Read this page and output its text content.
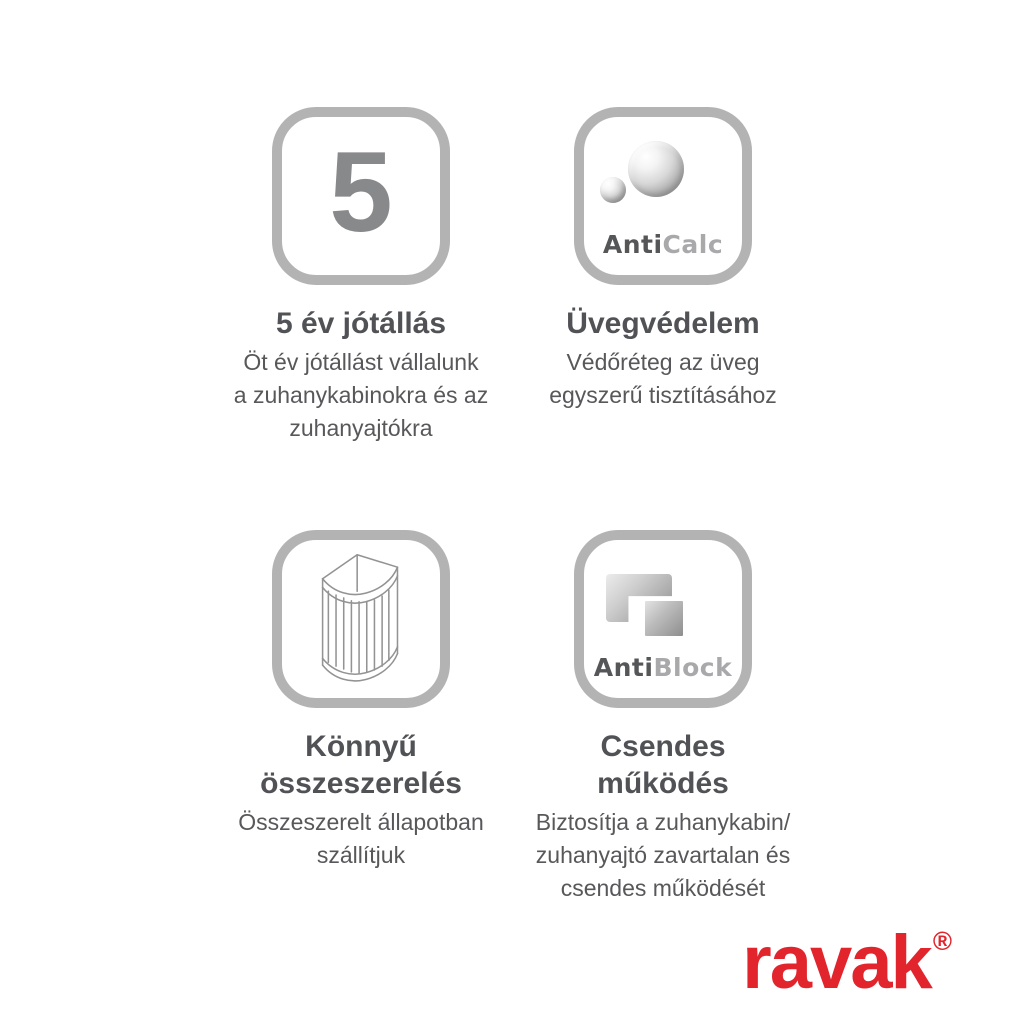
5
5 év jótállás

Öt év jótállást vállalunk
a zuhanykabinokra és az
zuhanyajtókra

AntiCalc
Üvegvédelem

Védőréteg az üveg
egyszerű tisztításához

Könnyű
összeszerelés

Összeszerelt állapotban
szállítjuk

AntiBlock
Csendes
működés

Biztosítja a zuhanykabin/
zuhanyajtó zavartalan és
csendes működését

ravak®
